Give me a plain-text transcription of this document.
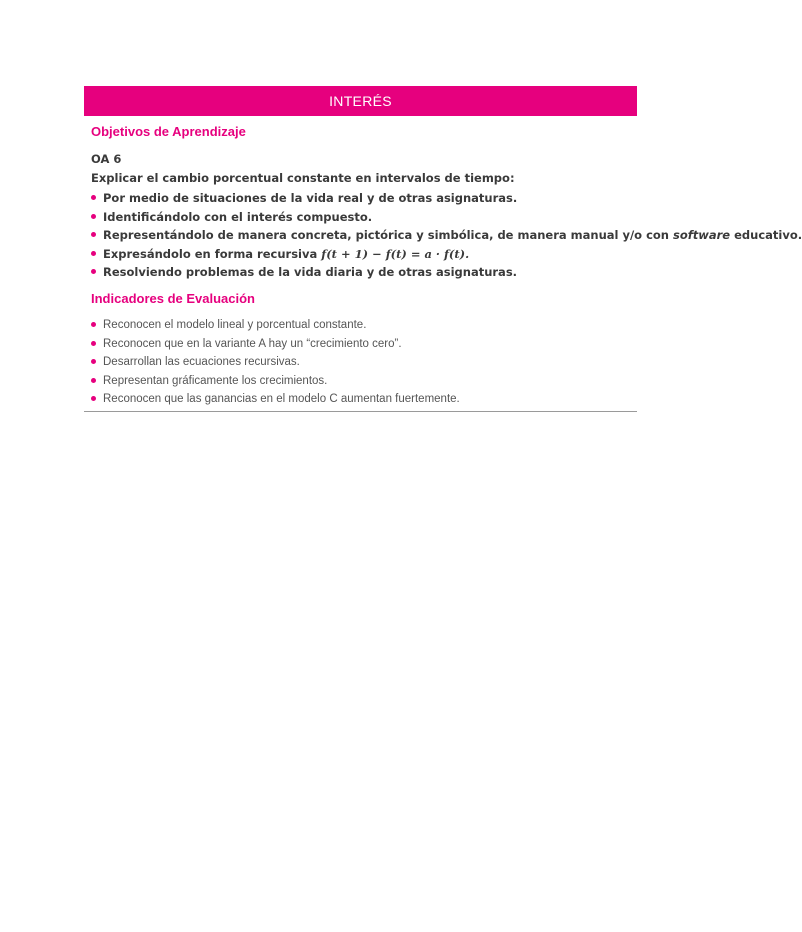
INTERÉS
Objetivos de Aprendizaje
OA 6
Explicar el cambio porcentual constante en intervalos de tiempo:
Por medio de situaciones de la vida real y de otras asignaturas.
Identificándolo con el interés compuesto.
Representándolo de manera concreta, pictórica y simbólica, de manera manual y/o con software educativo.
Expresándolo en forma recursiva f(t + 1) − f(t) = a · f(t).
Resolviendo problemas de la vida diaria y de otras asignaturas.
Indicadores de Evaluación
Reconocen el modelo lineal y porcentual constante.
Reconocen que en la variante A hay un “crecimiento cero”.
Desarrollan las ecuaciones recursivas.
Representan gráficamente los crecimientos.
Reconocen que las ganancias en el modelo C aumentan fuertemente.
